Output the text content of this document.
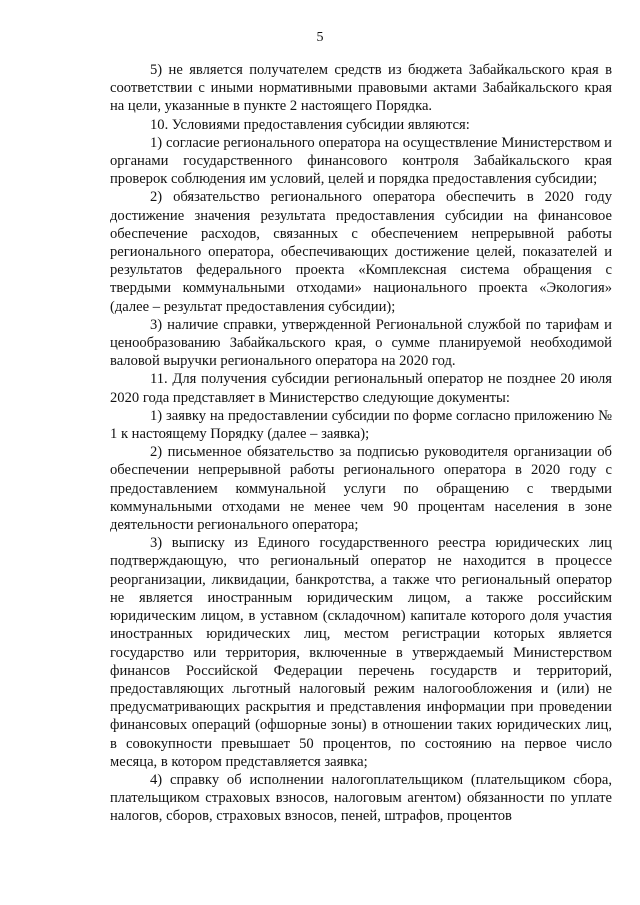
5

5) не является получателем средств из бюджета Забайкальского края в соответствии с иными нормативными правовыми актами Забайкальского края на цели, указанные в пункте 2 настоящего Порядка.

10. Условиями предоставления субсидии являются:

1) согласие регионального оператора на осуществление Министерством и органами государственного финансового контроля Забайкальского края проверок соблюдения им условий, целей и порядка предоставления субсидии;

2) обязательство регионального оператора обеспечить в 2020 году достижение значения результата предоставления субсидии на финансовое обеспечение расходов, связанных с обеспечением непрерывной работы регионального оператора, обеспечивающих достижение целей, показателей и результатов федерального проекта «Комплексная система обращения с твердыми коммунальными отходами» национального проекта «Экология» (далее – результат предоставления субсидии);

3) наличие справки, утвержденной Региональной службой по тарифам и ценообразованию Забайкальского края, о сумме планируемой необходимой валовой выручки регионального оператора на 2020 год.

11. Для получения субсидии региональный оператор не позднее 20 июля 2020 года представляет в Министерство следующие документы:

1) заявку на предоставлении субсидии по форме согласно приложению № 1 к настоящему Порядку (далее – заявка);

2) письменное обязательство за подписью руководителя организации об обеспечении непрерывной работы регионального оператора в 2020 году с предоставлением коммунальной услуги по обращению с твердыми коммунальными отходами не менее чем 90 процентам населения в зоне деятельности регионального оператора;

3) выписку из Единого государственного реестра юридических лиц подтверждающую, что региональный оператор не находится в процессе реорганизации, ликвидации, банкротства, а также что региональный оператор не является иностранным юридическим лицом, а также российским юридическим лицом, в уставном (складочном) капитале которого доля участия иностранных юридических лиц, местом регистрации которых является государство или территория, включенные в утверждаемый Министерством финансов Российской Федерации перечень государств и территорий, предоставляющих льготный налоговый режим налогообложения и (или) не предусматривающих раскрытия и представления информации при проведении финансовых операций (офшорные зоны) в отношении таких юридических лиц, в совокупности превышает 50 процентов, по состоянию на первое число месяца, в котором представляется заявка;

4) справку об исполнении налогоплательщиком (плательщиком сбора, плательщиком страховых взносов, налоговым агентом) обязанности по уплате налогов, сборов, страховых взносов, пеней, штрафов, процентов
